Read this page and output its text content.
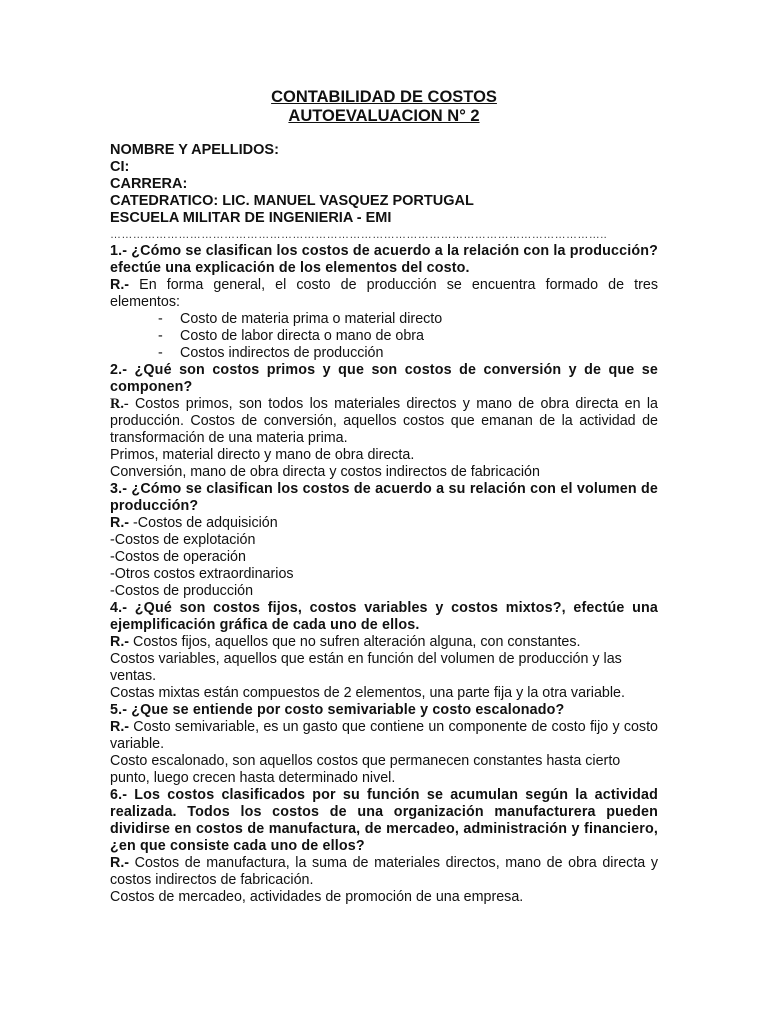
CONTABILIDAD DE COSTOS
AUTOEVALUACION N° 2
NOMBRE Y APELLIDOS:
CI:
CARRERA:
CATEDRATICO: LIC. MANUEL VASQUEZ PORTUGAL
ESCUELA MILITAR DE INGENIERIA - EMI
…………………………………………………………………………………………………………………..
1.- ¿Cómo se clasifican los costos de acuerdo a la relación con la producción? efectúe una explicación de los elementos del costo.
R.- En forma general, el costo de producción se encuentra formado de tres elementos:
- Costo de materia prima o material directo
- Costo de labor directa o mano de obra
- Costos indirectos de producción
2.- ¿Qué son costos primos y que son costos de conversión y de que se componen?
R.- Costos primos, son todos los materiales directos y mano de obra directa en la producción. Costos de conversión, aquellos costos que emanan de la actividad de transformación de una materia prima.
Primos, material directo y mano de obra directa.
Conversión, mano de obra directa y costos indirectos de fabricación
3.- ¿Cómo se clasifican los costos de acuerdo a su relación con el volumen de producción?
R.- -Costos de adquisición
-Costos de explotación
-Costos de operación
-Otros costos extraordinarios
-Costos de producción
4.- ¿Qué son costos fijos, costos variables y costos mixtos?, efectúe una ejemplificación gráfica de cada uno de ellos.
R.- Costos fijos, aquellos que no sufren alteración alguna, con constantes.
Costos variables, aquellos que están en función del volumen de producción y las ventas.
Costas mixtas están compuestos de 2 elementos, una parte fija y la otra variable.
5.- ¿Que se entiende por costo semivariable y costo escalonado?
R.- Costo semivariable, es un gasto que contiene un componente de costo fijo y costo variable.
Costo escalonado, son aquellos costos que permanecen constantes hasta cierto punto, luego crecen hasta determinado nivel.
6.- Los costos clasificados por su función se acumulan según la actividad realizada. Todos los costos de una organización manufacturera pueden dividirse en costos de manufactura, de mercadeo, administración y financiero, ¿en que consiste cada uno de ellos?
R.- Costos de manufactura, la suma de materiales directos, mano de obra directa y costos indirectos de fabricación.
Costos de mercadeo, actividades de promoción de una empresa.
